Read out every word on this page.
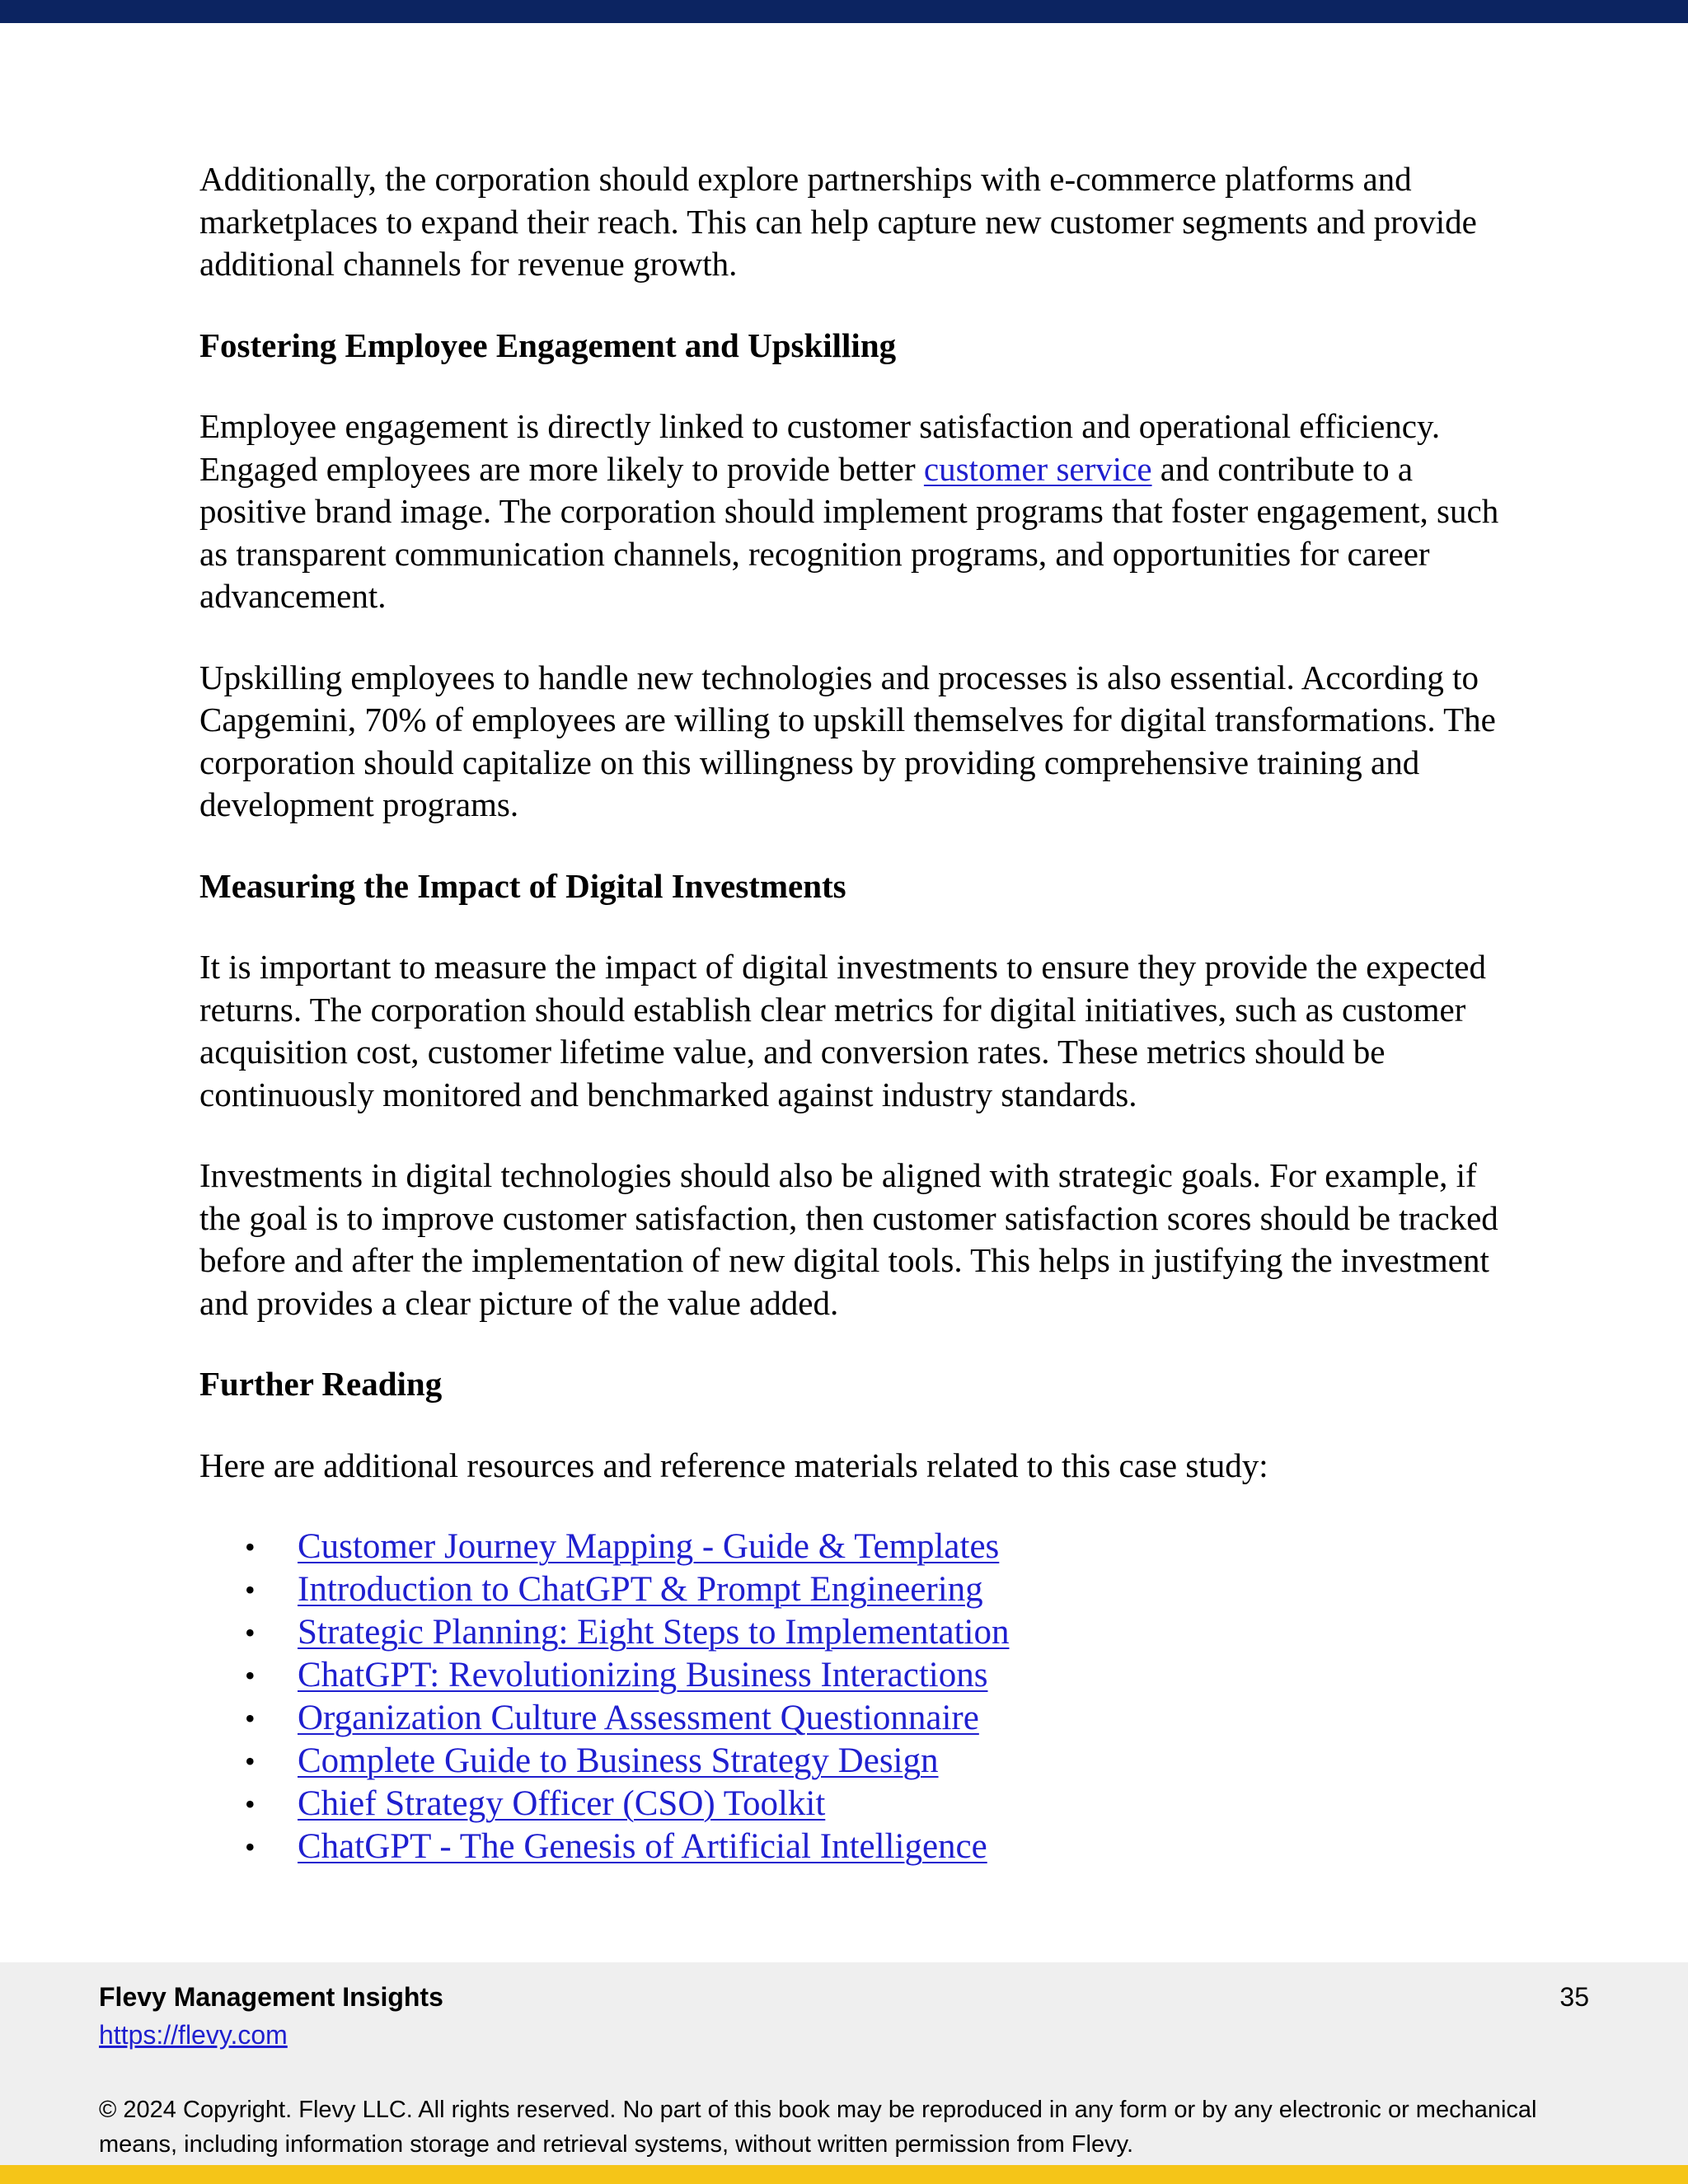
Additionally, the corporation should explore partnerships with e-commerce platforms and marketplaces to expand their reach. This can help capture new customer segments and provide additional channels for revenue growth.

Fostering Employee Engagement and Upskilling

Employee engagement is directly linked to customer satisfaction and operational efficiency. Engaged employees are more likely to provide better customer service and contribute to a positive brand image. The corporation should implement programs that foster engagement, such as transparent communication channels, recognition programs, and opportunities for career advancement.

Upskilling employees to handle new technologies and processes is also essential. According to Capgemini, 70% of employees are willing to upskill themselves for digital transformations. The corporation should capitalize on this willingness by providing comprehensive training and development programs.

Measuring the Impact of Digital Investments

It is important to measure the impact of digital investments to ensure they provide the expected returns. The corporation should establish clear metrics for digital initiatives, such as customer acquisition cost, customer lifetime value, and conversion rates. These metrics should be continuously monitored and benchmarked against industry standards.

Investments in digital technologies should also be aligned with strategic goals. For example, if the goal is to improve customer satisfaction, then customer satisfaction scores should be tracked before and after the implementation of new digital tools. This helps in justifying the investment and provides a clear picture of the value added.

Further Reading

Here are additional resources and reference materials related to this case study:

• Customer Journey Mapping - Guide & Templates
• Introduction to ChatGPT & Prompt Engineering
• Strategic Planning: Eight Steps to Implementation
• ChatGPT: Revolutionizing Business Interactions
• Organization Culture Assessment Questionnaire
• Complete Guide to Business Strategy Design
• Chief Strategy Officer (CSO) Toolkit
• ChatGPT - The Genesis of Artificial Intelligence
Flevy Management Insights
https://flevy.com
35
© 2024 Copyright. Flevy LLC. All rights reserved. No part of this book may be reproduced in any form or by any electronic or mechanical means, including information storage and retrieval systems, without written permission from Flevy.
